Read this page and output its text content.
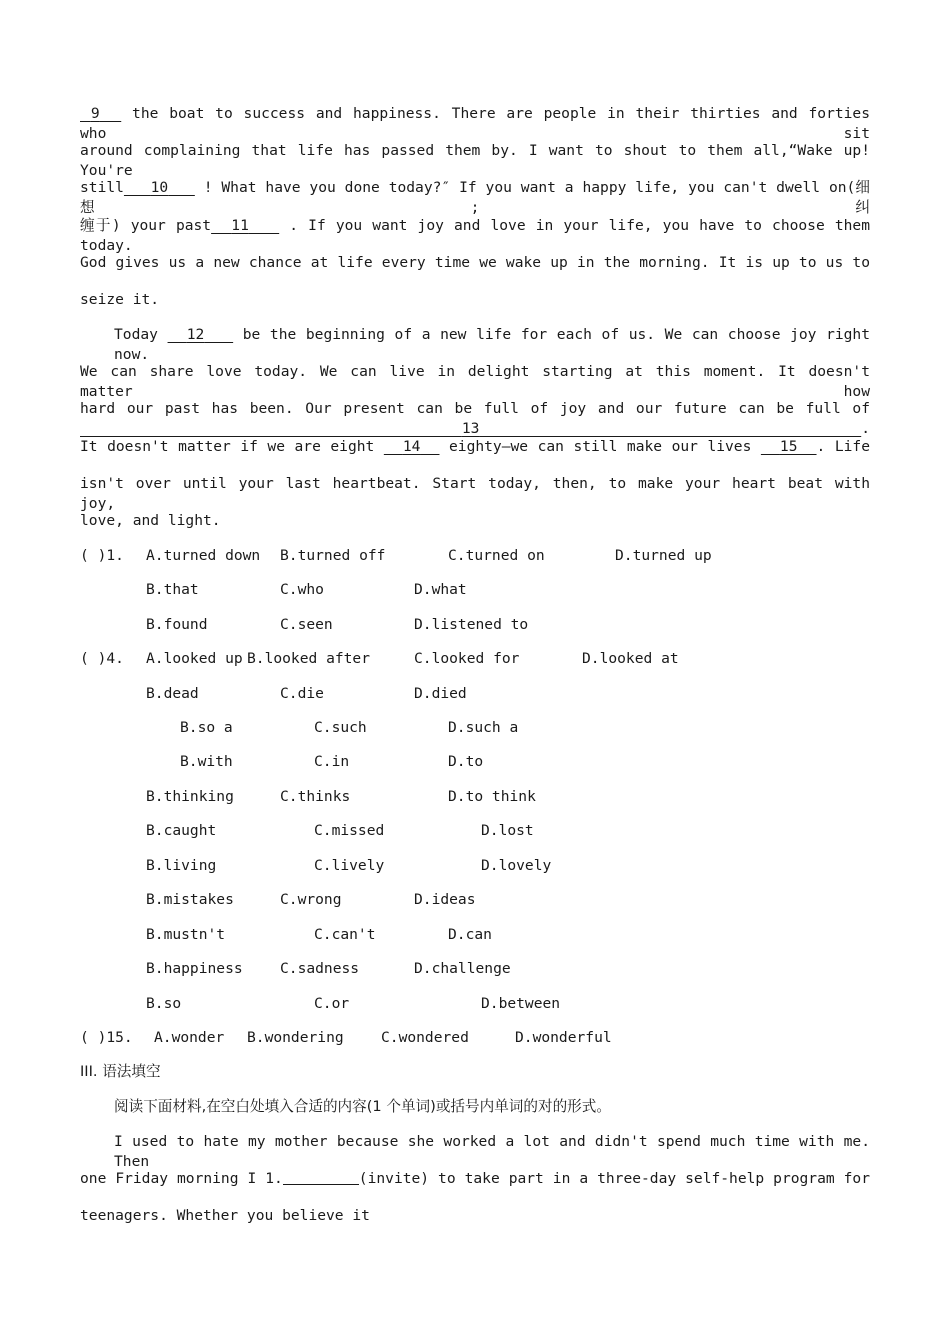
9   the boat to success and happiness. There are people in their thirties and forties who sit
around complaining that life has passed them by. I want to shout to them all,“Wake up! You're
still 10    ! What have you done today?″ If you want a happy life, you can't dwell on(细想;纠
缠于) your past 11    . If you want joy and love in your life, you have to choose them today.
God gives us a new chance at life every time we wake up in the morning. It is up to us to
seize it.
Today   12    be the beginning of a new life for each of us. We can choose joy right now.
We can share love today. We can live in delight starting at this moment. It doesn't matter how
hard our past has been. Our present can be full of joy and our future can be full of   13	.
It doesn't matter if we are eight   14   eighty—we can still make our lives   15 . Life
isn't over until your last heartbeat. Start today, then, to make your heart beat with joy,
love, and light.
( )1. A.turned down B.turned off	C.turned on	D.turned up
B.that	C.who	D.what
B.found	C.seen	D.listened to
( )4. A.looked up B.looked after	C.looked for	D.looked at
B.dead	C.die	D.died
B.so a	C.such	D.such a
B.with	C.in	D.to
B.thinking	C.thinks	D.to think
B.caught	C.missed	D.lost
B.living	C.lively	D.lovely
B.mistakes	C.wrong	D.ideas
B.mustn't	C.can't	D.can
B.happiness	C.sadness	D.challenge
B.so	C.or	D.between
( )15. A.wonder B.wondering	C.wondered	D.wonderful
III. 语法填空
阅读下面材料,在空白处填入合适的内容(1 个单词)或括号内单词的对的形式。
I used to hate my mother because she worked a lot and didn't spend much time with me. Then
one Friday morning I 1.	(invite) to take part in a three-day self-help program for
teenagers. Whether you believe it
